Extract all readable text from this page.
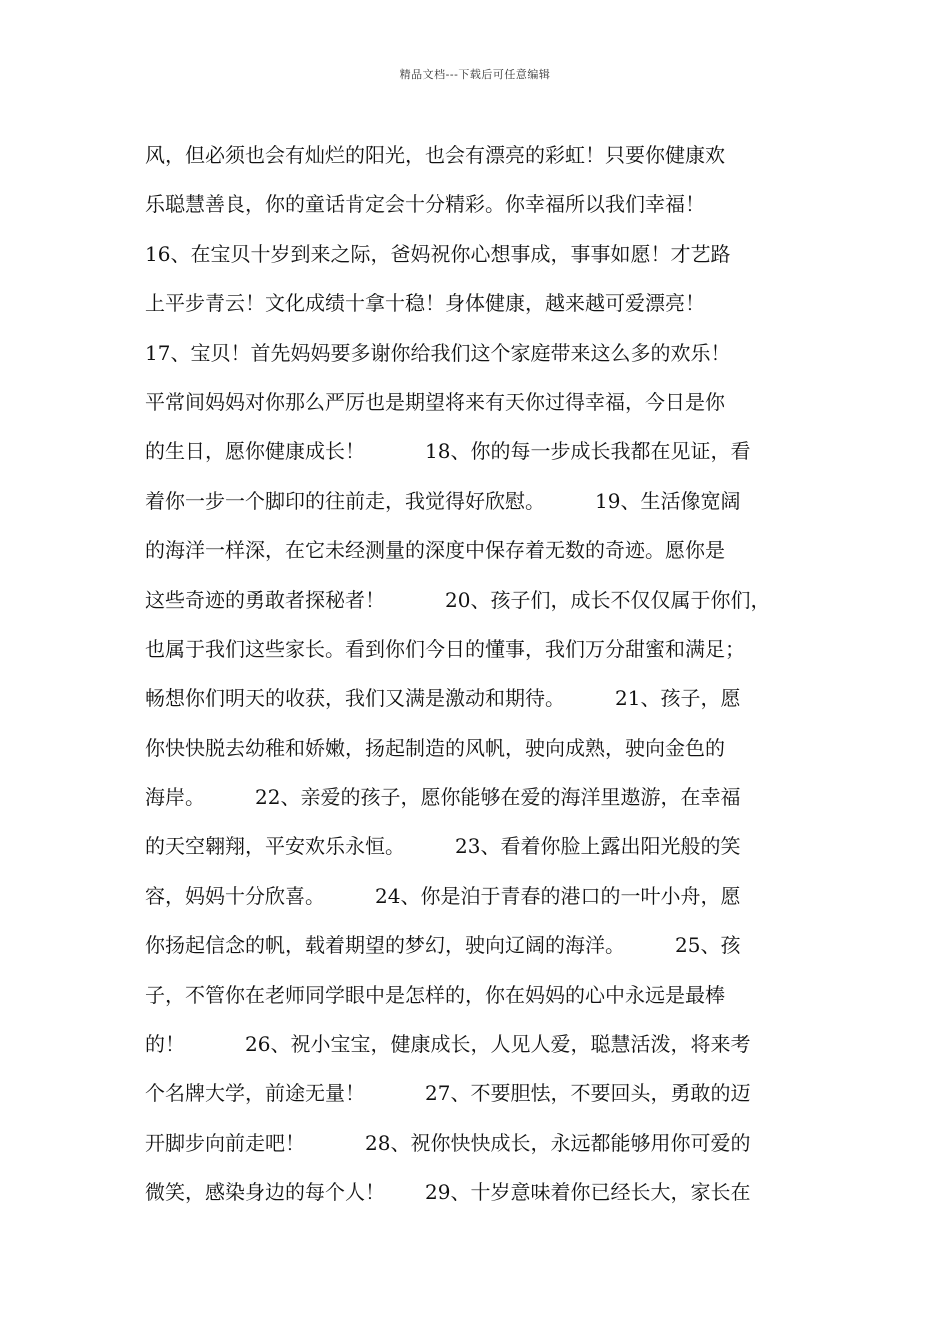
精品文档---下载后可任意编辑
风，但必须也会有灿烂的阳光，也会有漂亮的彩虹！只要你健康欢
乐聪慧善良，你的童话肯定会十分精彩。你幸福所以我们幸福！
16、在宝贝十岁到来之际，爸妈祝你心想事成，事事如愿！才艺路
上平步青云！文化成绩十拿十稳！身体健康，越来越可爱漂亮！
17、宝贝！首先妈妈要多谢你给我们这个家庭带来这么多的欢乐！
平常间妈妈对你那么严厉也是期望将来有天你过得幸福，今日是你
的生日，愿你健康成长！　　　18、你的每一步成长我都在见证，看
着你一步一个脚印的往前走，我觉得好欣慰。　　　19、生活像宽阔
的海洋一样深，在它未经测量的深度中保存着无数的奇迹。愿你是
这些奇迹的勇敢者探秘者！　　　20、孩子们，成长不仅仅属于你们，
也属于我们这些家长。看到你们今日的懂事，我们万分甜蜜和满足；
畅想你们明天的收获，我们又满是激动和期待。　　　21、孩子，愿
你快快脱去幼稚和娇嫩，扬起制造的风帆，驶向成熟，驶向金色的
海岸。　　　22、亲爱的孩子，愿你能够在爱的海洋里遨游，在幸福
的天空翱翔，平安欢乐永恒。　　　23、看着你脸上露出阳光般的笑
容，妈妈十分欣喜。　　　24、你是泊于青春的港口的一叶小舟，愿
你扬起信念的帆，载着期望的梦幻，驶向辽阔的海洋。　　　25、孩
子，不管你在老师同学眼中是怎样的，你在妈妈的心中永远是最棒
的！　　　26、祝小宝宝，健康成长，人见人爱，聪慧活泼，将来考
个名牌大学，前途无量！　　　27、不要胆怯，不要回头，勇敢的迈
开脚步向前走吧！　　　28、祝你快快成长，永远都能够用你可爱的
微笑，感染身边的每个人！　　29、十岁意味着你已经长大，家长在
